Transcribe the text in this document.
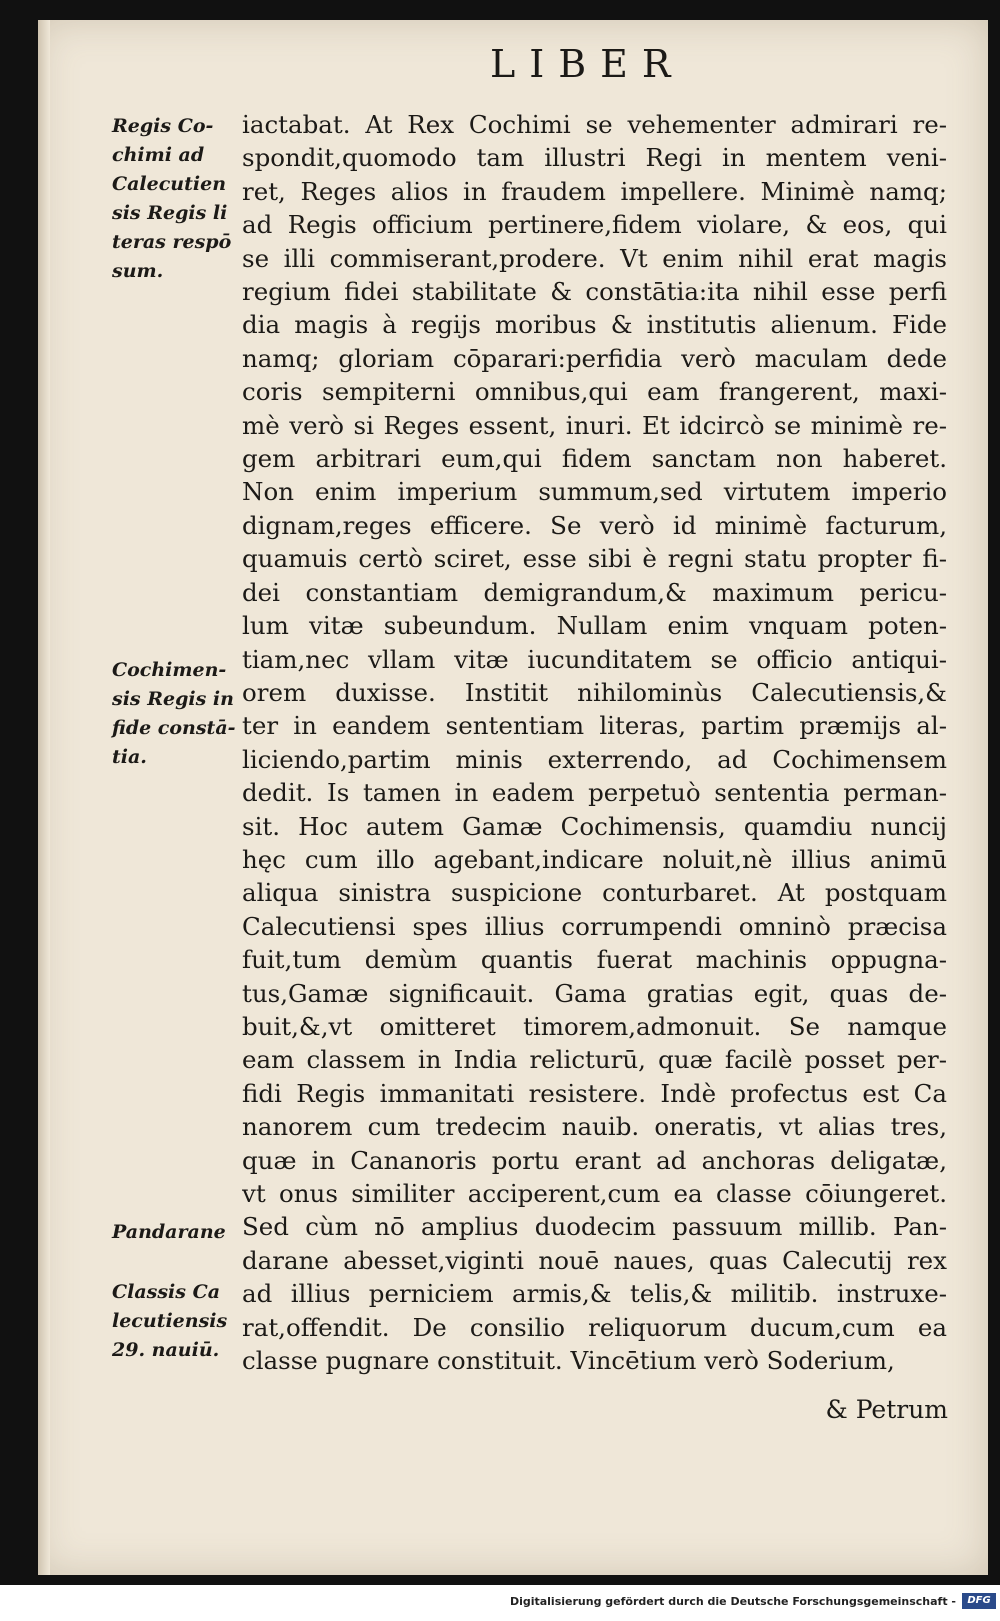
LIBER
iactabat. At Rex Cochimi se vehementer admirari re-
spondit,quomodo tam illustri Regi in mentem veni-
ret, Reges alios in fraudem impellere. Minimè namq;
ad Regis officium pertinere,fidem violare, & eos, qui
se illi commiserant,prodere. Vt enim nihil erat magis
regium fidei stabilitate & constātia:ita nihil esse perfi
dia magis à regijs moribus & institutis alienum. Fide
namq; gloriam cōparari:perfidia verò maculam dede
coris sempiterni omnibus,qui eam frangerent, maxi-
mè verò si Reges essent, inuri. Et idcircò se minimè re-
gem arbitrari eum,qui fidem sanctam non haberet.
Non enim imperium summum,sed virtutem imperio
dignam,reges efficere. Se verò id minimè facturum,
quamuis certò sciret, esse sibi è regni statu propter fi-
dei constantiam demigrandum,& maximum pericu-
lum vitæ subeundum. Nullam enim vnquam poten-
tiam,nec vllam vitæ iucunditatem se officio antiqui-
orem duxisse. Institit nihilominùs Calecutiensis,&
ter in eandem sententiam literas, partim præmijs al-
liciendo,partim minis exterrendo, ad Cochimensem
dedit. Is tamen in eadem perpetuò sententia perman-
sit. Hoc autem Gamæ Cochimensis, quamdiu nuncij
hęc cum illo agebant,indicare noluit,nè illius animū
aliqua sinistra suspicione conturbaret. At postquam
Calecutiensi spes illius corrumpendi omninò præcisa
fuit,tum demùm quantis fuerat machinis oppugna-
tus,Gamæ significauit. Gama gratias egit, quas de-
buit,&,vt omitteret timorem,admonuit. Se namque
eam classem in India relicturū, quæ facilè posset per-
fidi Regis immanitati resistere. Indè profectus est Ca
nanorem cum tredecim nauib. oneratis, vt alias tres,
quæ in Cananoris portu erant ad anchoras deligatæ,
vt onus similiter acciperent,cum ea classe cōiungeret.
Sed cùm nō amplius duodecim passuum millib. Pan-
darane abesset,viginti nouē naues, quas Calecutij rex
ad illius perniciem armis,& telis,& militib. instruxe-
rat,offendit. De consilio reliquorum ducum,cum ea
classe pugnare constituit. Vincētium verò Soderium,
Regis Co-
chimi ad
Calecutien
sis Regis li
teras respō
sum.
Cochimen-
sis Regis in
fide constā-
tia.
Pandarane
Classis Ca
lecutiensis
29. nauiū.
& Petrum
Digitalisierung gefördert durch die Deutsche Forschungsgemeinschaft -	DFG
